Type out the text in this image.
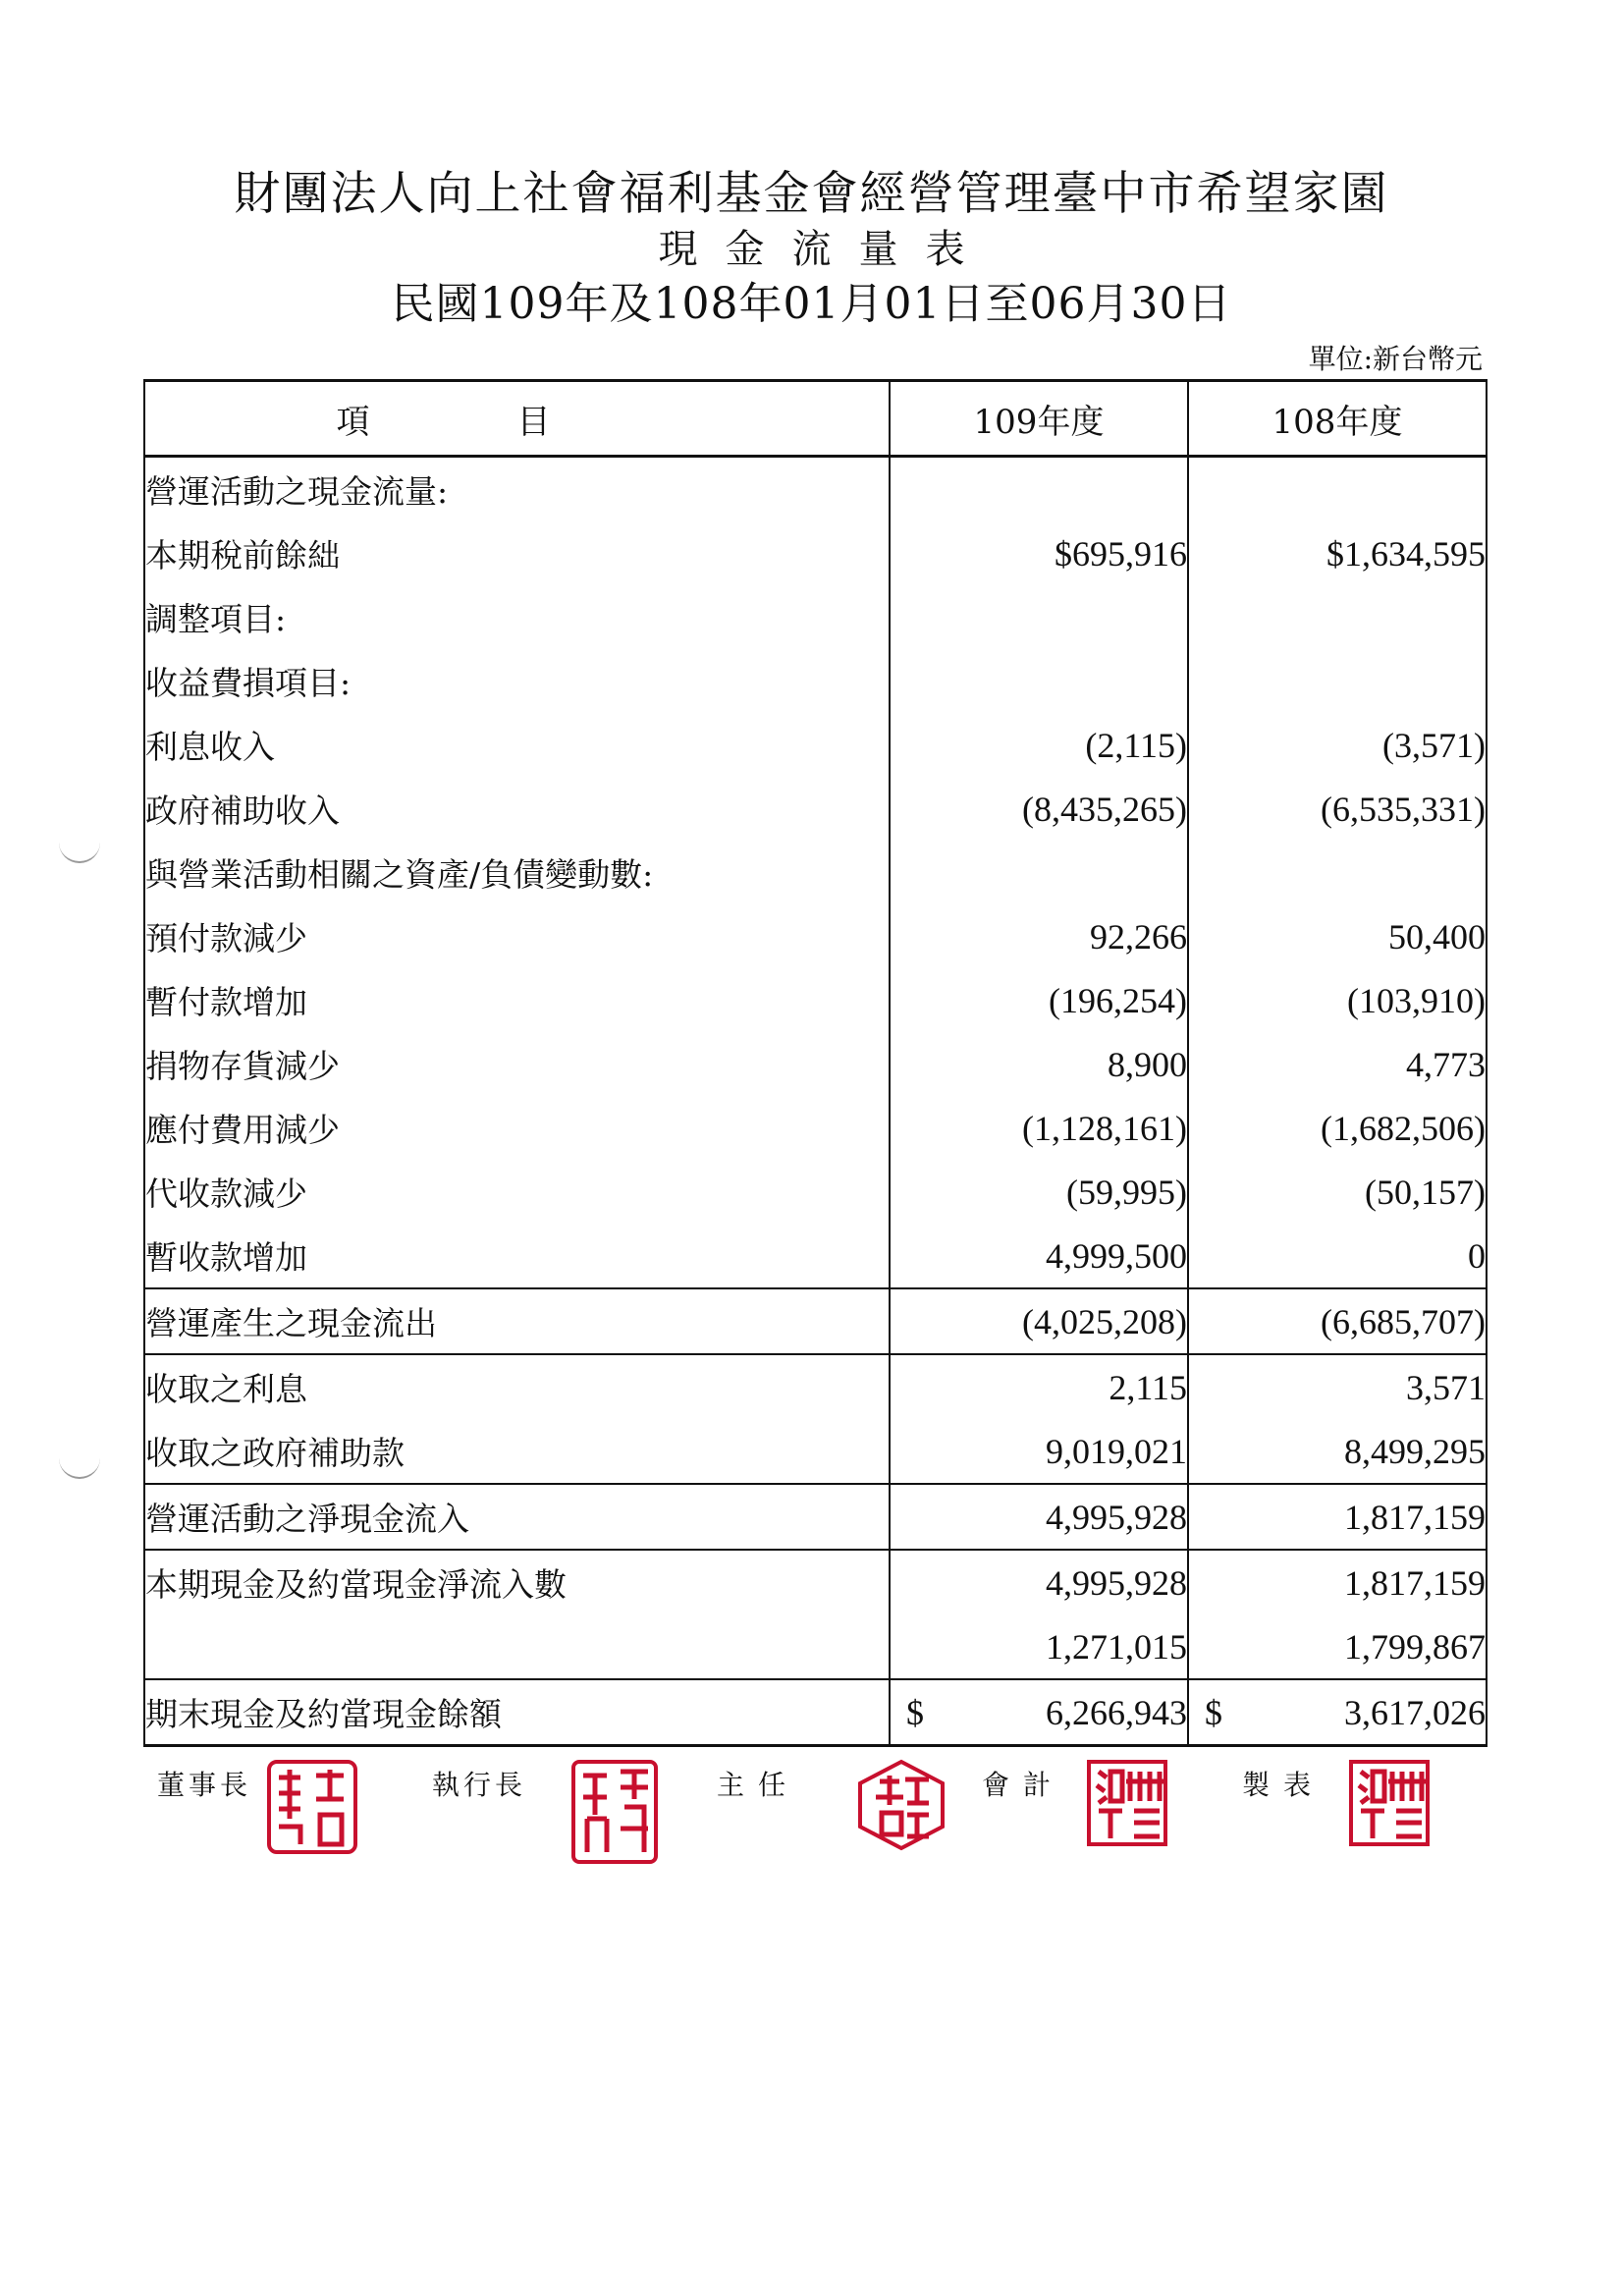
財團法人向上社會福利基金會經營管理臺中市希望家園
現金流量表
民國109年及108年01月01日至06月30日
單位:新台幣元
項目	109年度	108年度
營運活動之現金流量:		
本期稅前餘絀	$695,916	$1,634,595
調整項目:		
收益費損項目:		
利息收入	(2,115)	(3,571)
政府補助收入	(8,435,265)	(6,535,331)
與營業活動相關之資產/負債變動數:		
預付款減少	92,266	50,400
暫付款增加	(196,254)	(103,910)
捐物存貨減少	8,900	4,773
應付費用減少	(1,128,161)	(1,682,506)
代收款減少	(59,995)	(50,157)
暫收款增加	4,999,500	0
營運產生之現金流出	(4,025,208)	(6,685,707)
收取之利息	2,115	3,571
收取之政府補助款	9,019,021	8,499,295
營運活動之淨現金流入	4,995,928	1,817,159
本期現金及約當現金淨流入數	4,995,928	1,817,159
	1,271,015	1,799,867
期末現金及約當現金餘額	$ 6,266,943	$ 3,617,026
董事長	執行長	主任	會計	製表
